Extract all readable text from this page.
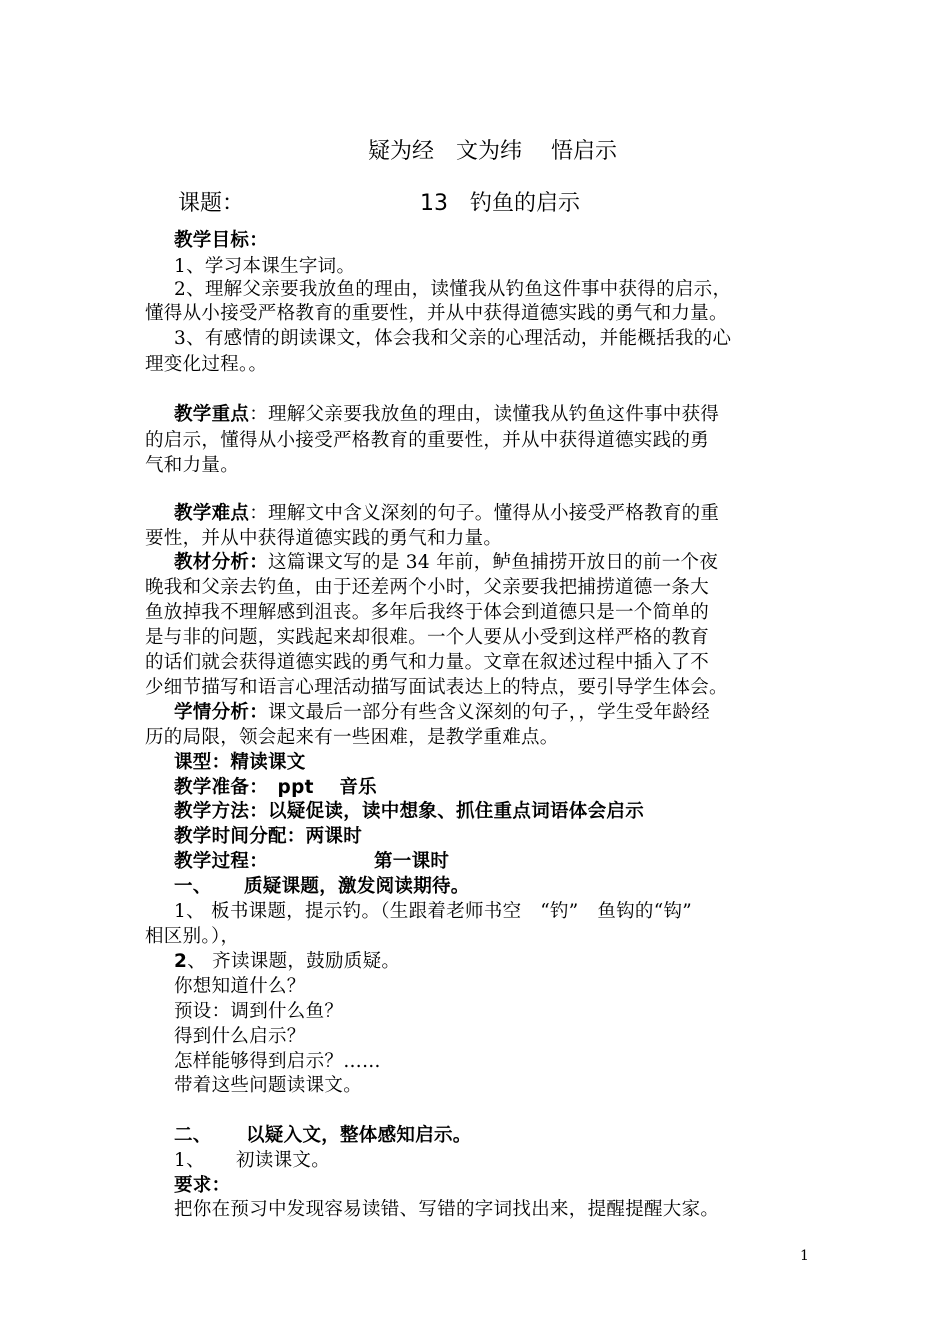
疑为经　文为纬　 悟启示
课题：	13　钓鱼的启示
教学目标：
1、学习本课生字词。
2、理解父亲要我放鱼的理由，读懂我从钓鱼这件事中获得的启示，
懂得从小接受严格教育的重要性，并从中获得道德实践的勇气和力量。
3、有感情的朗读课文，体会我和父亲的心理活动，并能概括我的心
理变化过程。。
教学重点：理解父亲要我放鱼的理由，读懂我从钓鱼这件事中获得
的启示，懂得从小接受严格教育的重要性，并从中获得道德实践的勇
气和力量。
教学难点：理解文中含义深刻的句子。懂得从小接受严格教育的重
要性，并从中获得道德实践的勇气和力量。
教材分析：这篇课文写的是 34 年前，鲈鱼捕捞开放日的前一个夜
晚我和父亲去钓鱼，由于还差两个小时，父亲要我把捕捞道德一条大
鱼放掉我不理解感到沮丧。多年后我终于体会到道德只是一个简单的
是与非的问题，实践起来却很难。一个人要从小受到这样严格的教育
的话们就会获得道德实践的勇气和力量。文章在叙述过程中插入了不
少细节描写和语言心理活动描写面试表达上的特点，要引导学生体会。
学情分析：课文最后一部分有些含义深刻的句子，，学生受年龄经
历的局限，领会起来有一些困难，是教学重难点。
课型：精读课文
教学准备：　ppt　 音乐
教学方法：以疑促读，读中想象、抓住重点词语体会启示
教学时间分配：两课时
教学过程：	第一课时
一、 质疑课题，激发阅读期待。
1、 板书课题，提示钓。（生跟着老师书空　“钓”　鱼钩的“钩”
相区别。），
2、 齐读课题，鼓励质疑。
你想知道什么？
预设：调到什么鱼？
得到什么启示？
怎样能够得到启示？……
带着这些问题读课文。
二、 以疑入文，整体感知启示。
1、 初读课文。
要求：
把你在预习中发现容易读错、写错的字词找出来，提醒提醒大家。
1
